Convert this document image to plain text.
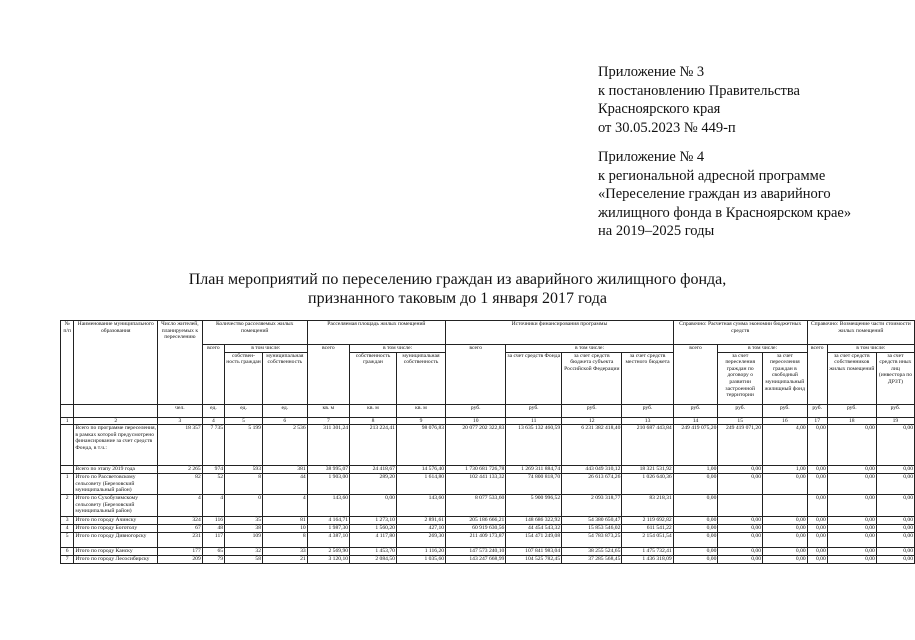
Приложение № 3
к постановлению Правительства
Красноярского края
от 30.05.2023 № 449-п
Приложение № 4
к региональной адресной программе
«Переселение граждан из аварийного
жилищного фонда в Красноярском крае»
на 2019–2025 годы
План мероприятий по переселению граждан из аварийного жилищного фонда,
признанного таковым до 1 января 2017 года
№ п/п	Наименование муниципального образования	Число жителей, планируемых к переселению	Количество расселяемых жилых помещений			Расселяемая площадь жилых помещений			Источники финансирования программы				Справочно: Расчетная сумма экономии бюджетных средств			Справочно: Возмещение части стоимости жилых помещений		
			всего	в том числе:		всего	в том числе:		всего	в том числе:			всего	в том числе:		всего	в том числе:	
				собствен-ность граждан	муниципальная собственность		собственность граждан	муниципальная собственность		за счет средств Фонда	за счет средств бюджета субъекта Российской Федерации	за счет средств местного бюджета		за счет переселения граждан по договору о развитии застроенной территории	за счет переселения граждан в свободный муниципальный жилищный фонд		за счет средств собственников жилых помещений	за счет средств иных лиц (инвестора по ДРЗТ)
		чел.	ед.	ед.	ед.	кв. м	кв. м	кв. м	руб.	руб.	руб.	руб.	руб.	руб.	руб.	руб.	руб.	руб.
1	2	3	4	5	6	7	8	9	10	11	12	13	14	15	16	17	18	19
	Всего по программе переселения, в рамках которой предусмотрено финансирование за счет средств Фонда, в т.ч.:	18 357	7 735	5 199	2 536	311 301,24	213 224,41	98 076,83	20 077 202 322,83	13 635 132 460,59	6 231 382 418,40	210 687 443,84	249 419 075,20	249 419 071,20	4,00	0,00	0,00	0,00
	Всего по этапу 2019 года	2 265	974	593	381	38 995,07	24 418,67	14 576,40	1 730 681 726,78	1 269 311 884,74	443 049 310,12	18 321 531,92	1,00	0,00	1,00	0,00	0,00	0,00
1	Итого по Рассветовскому сельсовету (Березовский муниципальный район)	82	52	8	44	1 903,00	289,20	1 614,80	102 441 133,32	74 800 818,70	26 613 674,26	1 026 640,36	0,00	0,00	0,00	0,00	0,00	0,00
2	Итого по Сухобузимскому сельсовету (Березовский муниципальный район)	4	4	0	4	143,60	0,00	143,60	8 077 533,60	5 900 996,52	2 093 318,77	83 218,31	0,00			0,00	0,00	0,00
3	Итого по городу Ачинску	324	116	35	81	4 164,71	1 273,10	2 891,61	205 186 666,21	148 686 322,92	54 380 650,47	2 119 692,82	0,00	0,00	0,00	0,00	0,00	0,00
4	Итого по городу Боготолу	67	48	38	10	1 987,30	1 560,20	427,10	60 919 630,56	44 454 543,32	15 853 546,02	611 541,22	0,00	0,00	0,00	0,00	0,00	0,00
5	Итого по городу Дивногорску	231	117	109	8	4 387,10	4 117,80	269,30	211 409 173,87	154 471 249,08	54 783 873,25	2 154 051,54	0,00	0,00	0,00	0,00	0,00	0,00
6	Итого по городу Канску	177	65	32	33	2 569,90	1 453,70	1 116,20	147 573 240,10	107 841 983,04	38 255 524,65	1 475 732,41	0,00	0,00	0,00	0,00	0,00	0,00
7	Итого по городу Лесосибирску	209	79	58	21	3 120,10	2 084,50	1 035,60	143 247 668,99	104 525 782,45	37 285 568,45	1 436 318,09	0,00	0,00	0,00	0,00	0,00	0,00
